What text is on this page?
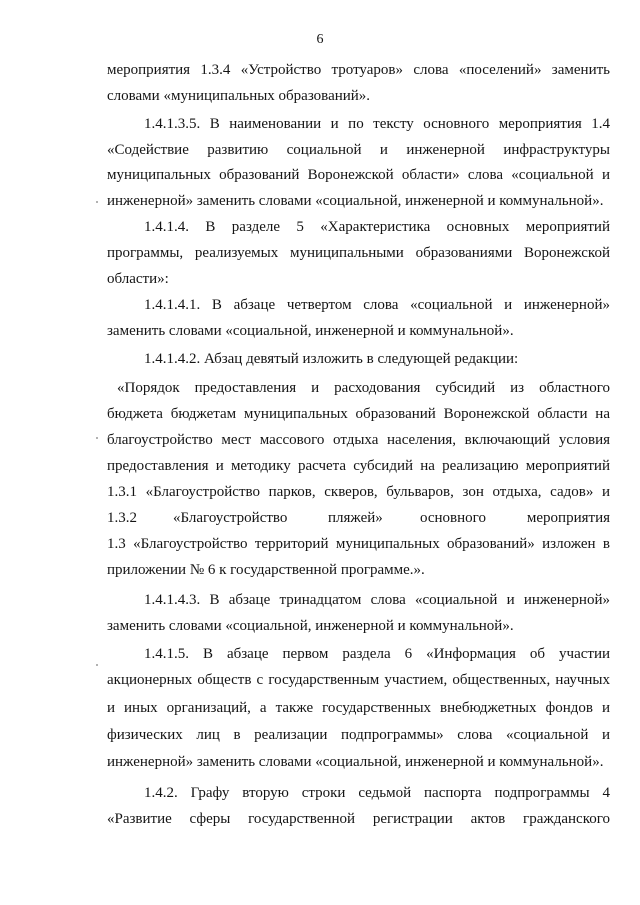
6
мероприятия 1.3.4 «Устройство тротуаров» слова «поселений» заменить
словами «муниципальных образований».
1.4.1.3.5. В наименовании и по тексту основного мероприятия 1.4
«Содействие развитию социальной и инженерной инфраструктуры
муниципальных образований Воронежской области» слова «социальной и
инженерной» заменить словами «социальной, инженерной и коммунальной».
1.4.1.4. В разделе 5 «Характеристика основных мероприятий
программы, реализуемых муниципальными образованиями Воронежской
области»:
1.4.1.4.1. В абзаце четвертом слова «социальной и инженерной»
заменить словами «социальной, инженерной и коммунальной».
1.4.1.4.2. Абзац девятый изложить в следующей редакции:
«Порядок предоставления и расходования субсидий из областного
бюджета бюджетам муниципальных образований Воронежской области на
благоустройство мест массового отдыха населения, включающий условия
предоставления и методику расчета субсидий на реализацию мероприятий
1.3.1 «Благоустройство парков, скверов, бульваров, зон отдыха, садов» и
1.3.2	«Благоустройство	пляжей»	основного	мероприятия
1.3 «Благоустройство территорий муниципальных образований» изложен в
приложении № 6 к государственной программе.».
1.4.1.4.3. В абзаце тринадцатом слова «социальной и инженерной»
заменить словами «социальной, инженерной и коммунальной».
1.4.1.5. В абзаце первом раздела 6 «Информация об участии
акционерных обществ с государственным участием, общественных, научных
и иных организаций, а также государственных внебюджетных фондов и
физических лиц в реализации подпрограммы» слова «социальной и
инженерной» заменить словами «социальной, инженерной и коммунальной».
1.4.2. Графу вторую строки седьмой паспорта подпрограммы 4
«Развитие сферы государственной регистрации актов гражданского
